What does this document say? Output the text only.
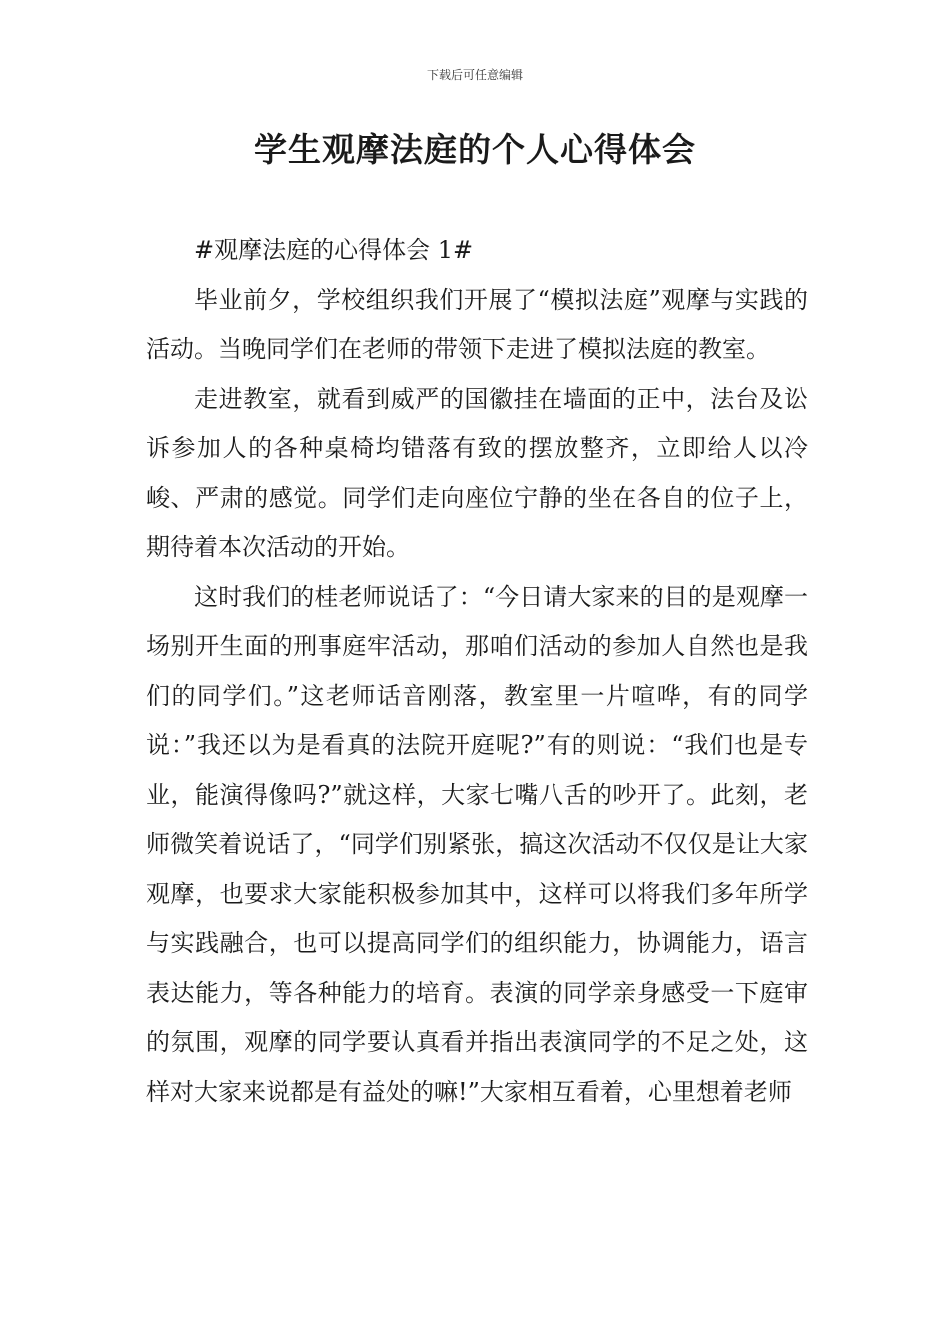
下载后可任意编辑
学生观摩法庭的个人心得体会

#观摩法庭的心得体会 1#

毕业前夕，学校组织我们开展了“模拟法庭”观摩与实践的活动。当晚同学们在老师的带领下走进了模拟法庭的教室。

走进教室，就看到威严的国徽挂在墙面的正中，法台及讼诉参加人的各种桌椅均错落有致的摆放整齐，立即给人以冷峻、严肃的感觉。同学们走向座位宁静的坐在各自的位子上，期待着本次活动的开始。

这时我们的桂老师说话了：“今日请大家来的目的是观摩一场别开生面的刑事庭牢活动，那咱们活动的参加人自然也是我们的同学们。”这老师话音刚落，教室里一片喧哗，有的同学说：”我还以为是看真的法院开庭呢?”有的则说：“我们也是专业，能演得像吗?”就这样，大家七嘴八舌的吵开了。此刻，老师微笑着说话了，“同学们别紧张，搞这次活动不仅仅是让大家观摩，也要求大家能积极参加其中，这样可以将我们多年所学与实践融合，也可以提高同学们的组织能力，协调能力，语言表达能力，等各种能力的培育。表演的同学亲身感受一下庭审的氛围，观摩的同学要认真看并指出表演同学的不足之处，这样对大家来说都是有益处的嘛!”大家相互看着，心里想着老师
